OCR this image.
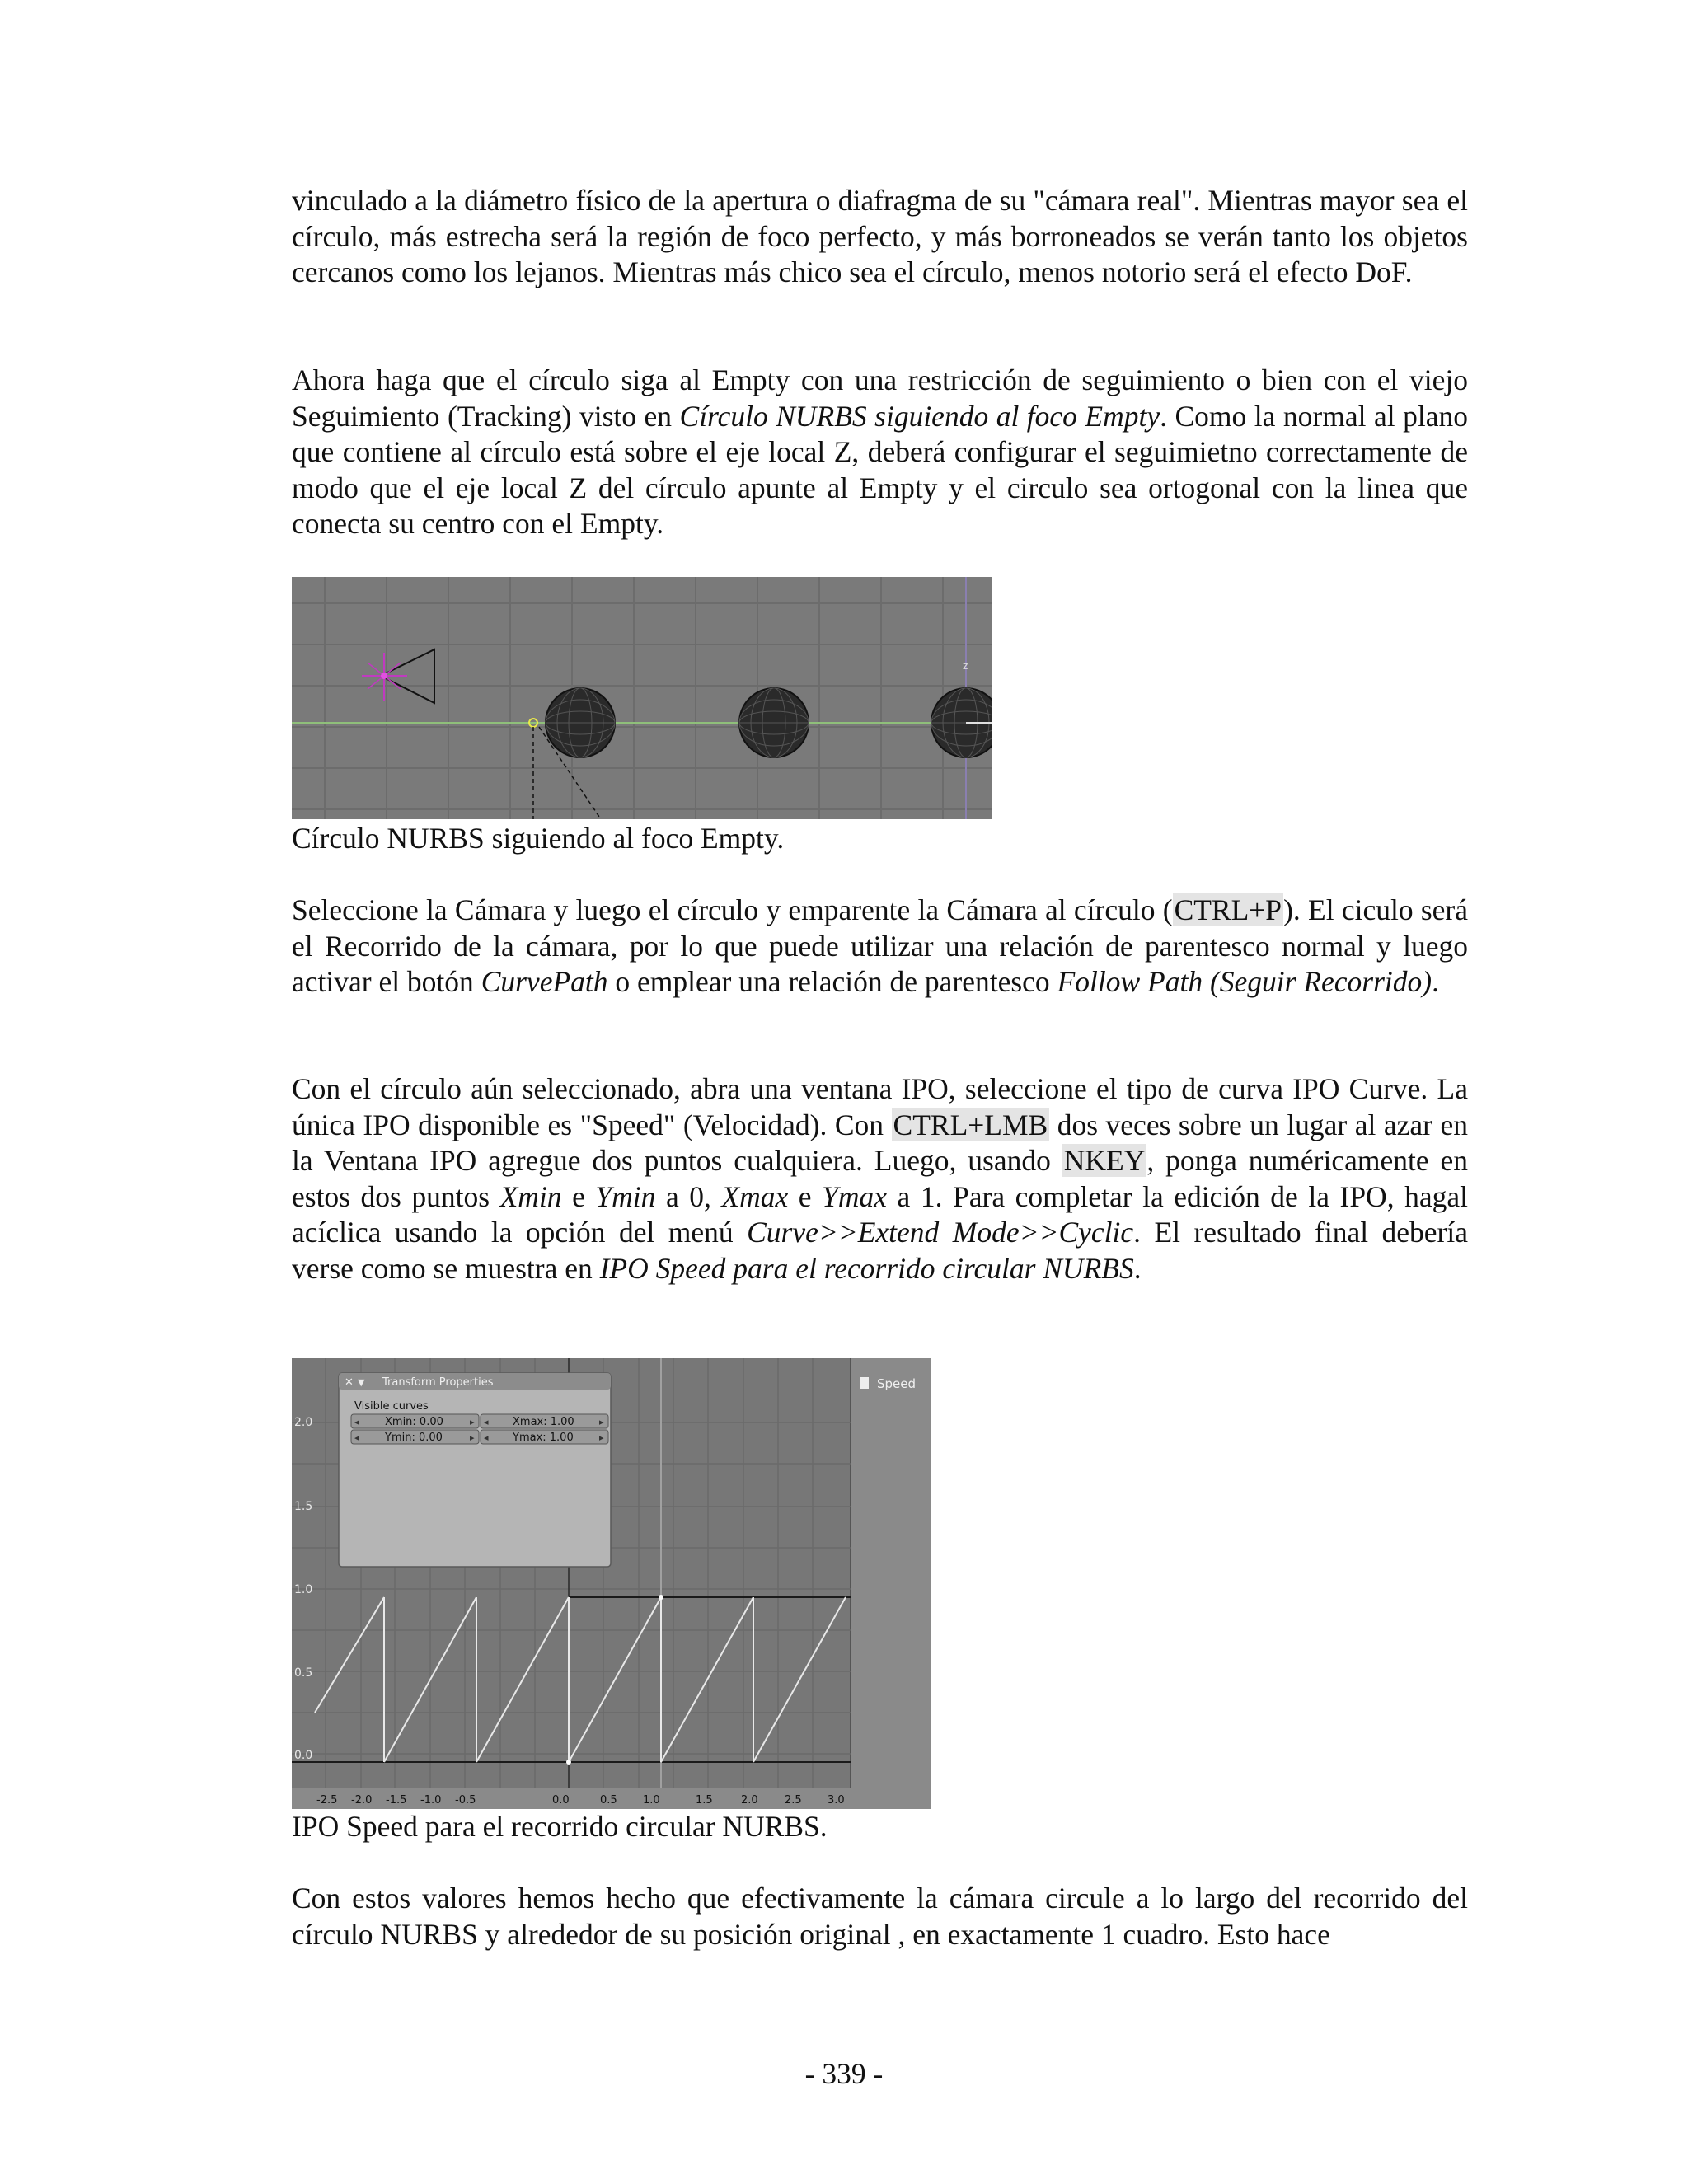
vinculado a la diámetro físico de la apertura o diafragma de su "cámara real". Mientras mayor sea el círculo, más estrecha será la región de foco perfecto, y más borroneados se verán tanto los objetos cercanos como los lejanos. Mientras más chico sea el círculo, menos notorio será el efecto DoF.

Ahora haga que el círculo siga al Empty con una restricción de seguimiento o bien con el viejo Seguimiento (Tracking) visto en Círculo NURBS siguiendo al foco Empty. Como la normal al plano que contiene al círculo está sobre el eje local Z, deberá configurar el seguimietno correctamente de modo que el eje local Z del círculo apunte al Empty y el circulo sea ortogonal con la linea que conecta su centro con el Empty.

z

Círculo NURBS siguiendo al foco Empty.

Seleccione la Cámara y luego el círculo y emparente la Cámara al círculo (CTRL+P). El ciculo será el Recorrido de la cámara, por lo que puede utilizar una relación de parentesco normal y luego activar el botón CurvePath o emplear una relación de parentesco Follow Path (Seguir Recorrido).

Con el círculo aún seleccionado, abra una ventana IPO, seleccione el tipo de curva IPO Curve. La única IPO disponible es "Speed" (Velocidad). Con CTRL+LMB dos veces sobre un lugar al azar en la Ventana IPO agregue dos puntos cualquiera. Luego, usando NKEY, ponga numéricamente en estos dos puntos Xmin e Ymin a 0, Xmax e Ymax a 1. Para completar la edición de la IPO, hagal acíclica usando la opción del menú Curve>>Extend Mode>>Cyclic. El resultado final debería verse como se muestra en IPO Speed para el recorrido circular NURBS.

2.0
1.5
1.0
0.5
0.0
-2.5 -2.0 -1.5 -1.0 -0.5	0.0	0.5 1.0	1.5	2.0 2.5 3.0
✕ ▼ Transform Properties
Visible curves
◂	▸
Xmin: 0.00	◂	▸
Xmax: 1.00
◂	▸
Ymin: 0.00	◂	▸
Ymax: 1.00
Speed

IPO Speed para el recorrido circular NURBS.

Con estos valores hemos hecho que efectivamente la cámara circule a lo largo del recorrido del círculo NURBS y alrededor de su posición original , en exactamente 1 cuadro. Esto hace

- 339 -
